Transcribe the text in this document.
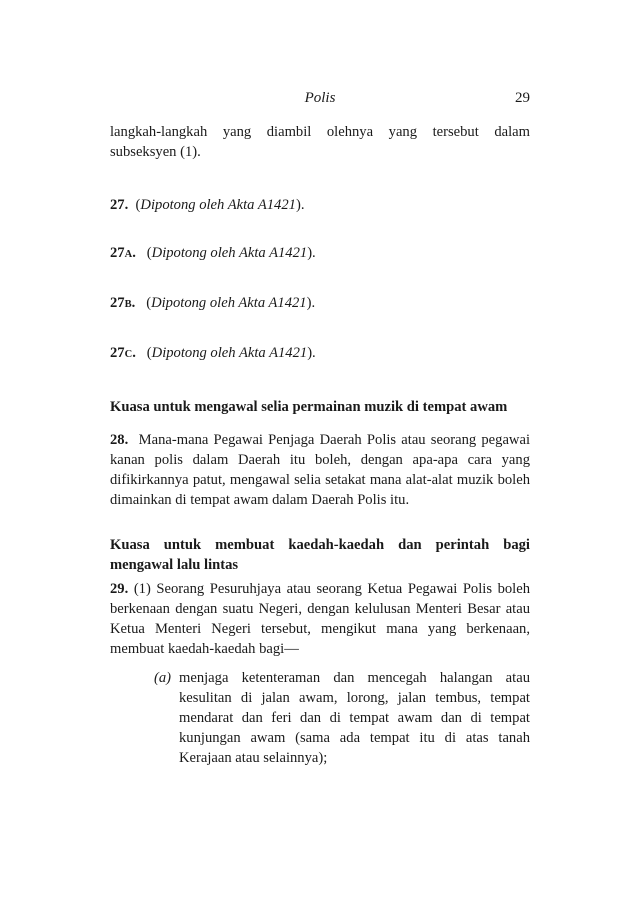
Polis	29
langkah-langkah yang diambil olehnya yang tersebut dalam
subseksyen (1).
27.  (Dipotong oleh Akta A1421).
27A.   (Dipotong oleh Akta A1421).
27B.   (Dipotong oleh Akta A1421).
27C.   (Dipotong oleh Akta A1421).
Kuasa untuk mengawal selia permainan muzik di tempat awam
28. Mana-mana Pegawai Penjaga Daerah Polis atau seorang pegawai kanan polis dalam Daerah itu boleh, dengan apa-apa cara yang difikirkannya patut, mengawal selia setakat mana alat-alat muzik boleh dimainkan di tempat awam dalam Daerah Polis itu.
Kuasa untuk membuat kaedah-kaedah dan perintah bagi
mengawal lalu lintas
29. (1) Seorang Pesuruhjaya atau seorang Ketua Pegawai Polis boleh berkenaan dengan suatu Negeri, dengan kelulusan Menteri Besar atau Ketua Menteri Negeri tersebut, mengikut mana yang berkenaan, membuat kaedah-kaedah bagi—
(a) menjaga ketenteraman dan mencegah halangan atau kesulitan di jalan awam, lorong, jalan tembus, tempat mendarat dan feri dan di tempat awam dan di tempat kunjungan awam (sama ada tempat itu di atas tanah Kerajaan atau selainnya);
